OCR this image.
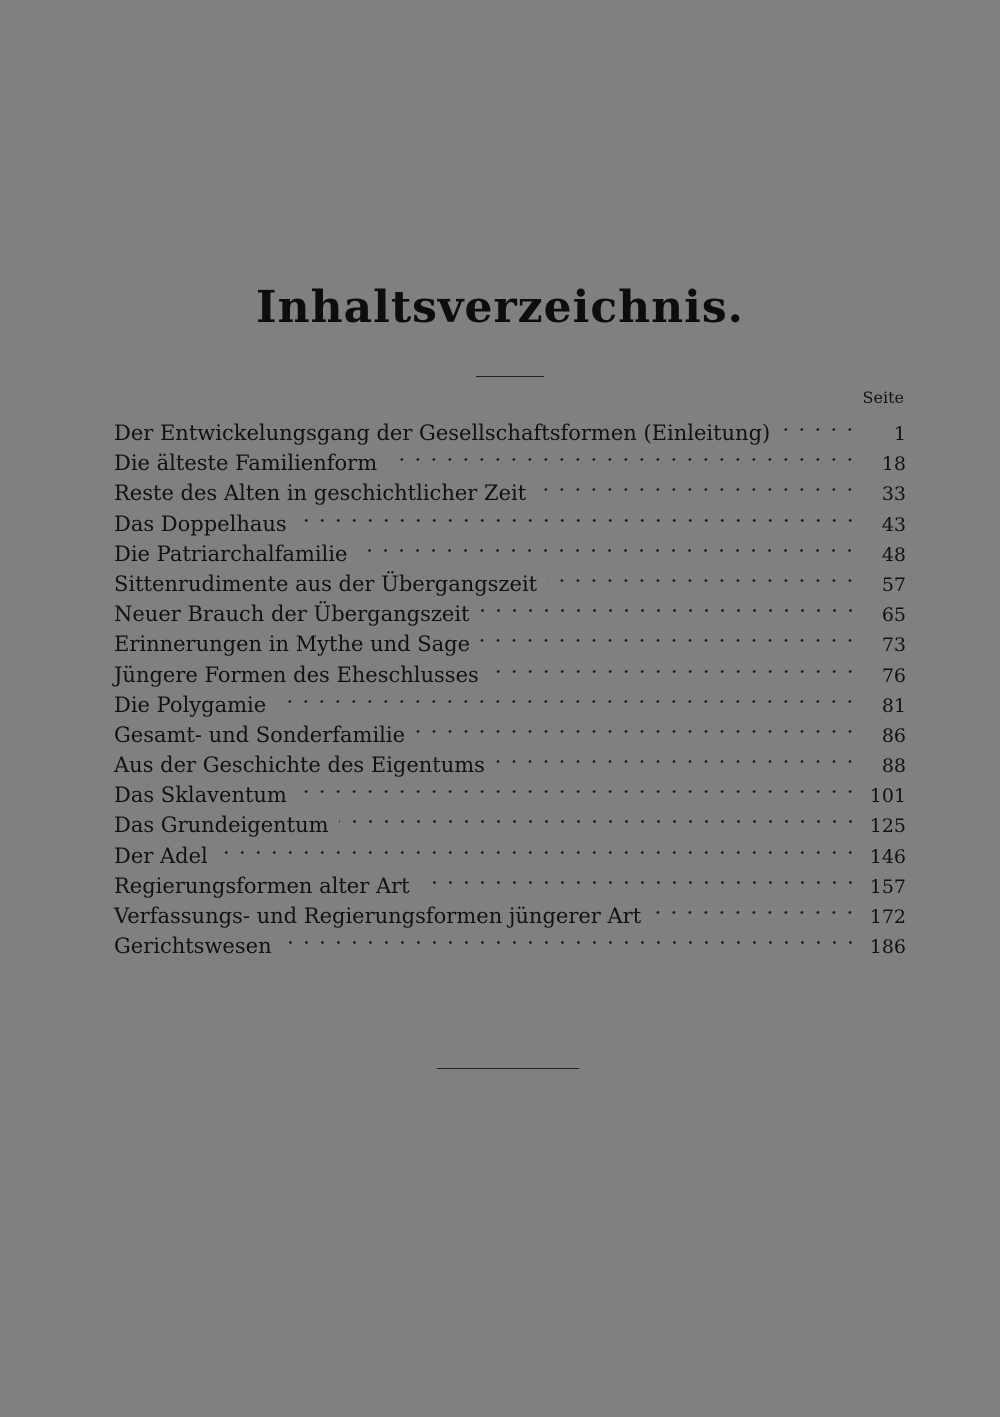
Inhaltsverzeichnis.
Seite
Der Entwickelungsgang der Gesellschaftsformen (Einleitung)	1
Die älteste Familienform	18
Reste des Alten in geschichtlicher Zeit	33
Das Doppelhaus	43
Die Patriarchalfamilie	48
Sittenrudimente aus der Übergangszeit	57
Neuer Brauch der Übergangszeit	65
Erinnerungen in Mythe und Sage	73
Jüngere Formen des Eheschlusses	76
Die Polygamie	81
Gesamt- und Sonderfamilie	86
Aus der Geschichte des Eigentums	88
Das Sklaventum	101
Das Grundeigentum	125
Der Adel	146
Regierungsformen alter Art	157
Verfassungs- und Regierungsformen jüngerer Art	172
Gerichtswesen	186
